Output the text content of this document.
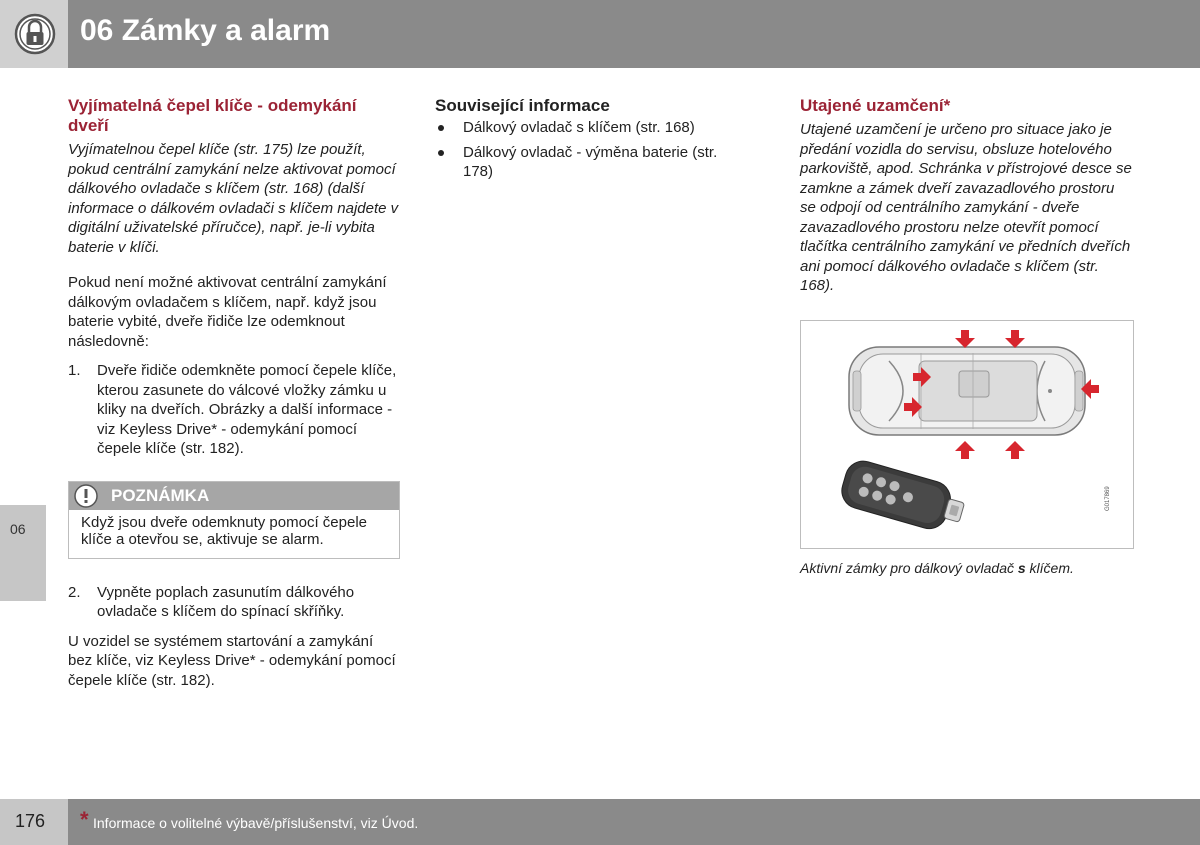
06 Zámky a alarm
06
Vyjímatelná čepel klíče - odemykání dveří

Vyjímatelnou čepel klíče (str. 175) lze použít, pokud centrální zamykání nelze aktivovat pomocí dálkového ovladače s klíčem (str. 168) (další informace o dálkovém ovladači s klíčem najdete v digitální uživatelské příručce), např. je-li vybita baterie v klíči.

Pokud není možné aktivovat centrální zamykání dálkovým ovladačem s klíčem, např. když jsou baterie vybité, dveře řidiče lze odemknout následovně:

1. Dveře řidiče odemkněte pomocí čepele klíče, kterou zasunete do válcové vložky zámku u kliky na dveřích. Obrázky a další informace - viz Keyless Drive* - odemykání pomocí čepele klíče (str. 182).
POZNÁMKA

Když jsou dveře odemknuty pomocí čepele klíče a otevřou se, aktivuje se alarm.

2. Vypněte poplach zasunutím dálkového ovladače s klíčem do spínací skříňky.

U vozidel se systémem startování a zamykání bez klíče, viz Keyless Drive* - odemykání pomocí čepele klíče (str. 182).

Související informace
Dálkový ovladač s klíčem (str. 168)
Dálkový ovladač - výměna baterie (str. 178)
Utajené uzamčení*

Utajené uzamčení je určeno pro situace jako je předání vozidla do servisu, obsluze hotelového parkoviště, apod. Schránka v přístrojové desce se zamkne a zámek dveří zavazadlového prostoru se odpojí od centrálního zamykání - dveře zavazadlového prostoru nelze otevřít pomocí tlačítka centrálního zamykání ve předních dveřích ani pomocí dálkového ovladače s klíčem (str. 168).

G017869
Aktivní zámky pro dálkový ovladač s klíčem.
176 * Informace o volitelné výbavě/příslušenství, viz Úvod.
